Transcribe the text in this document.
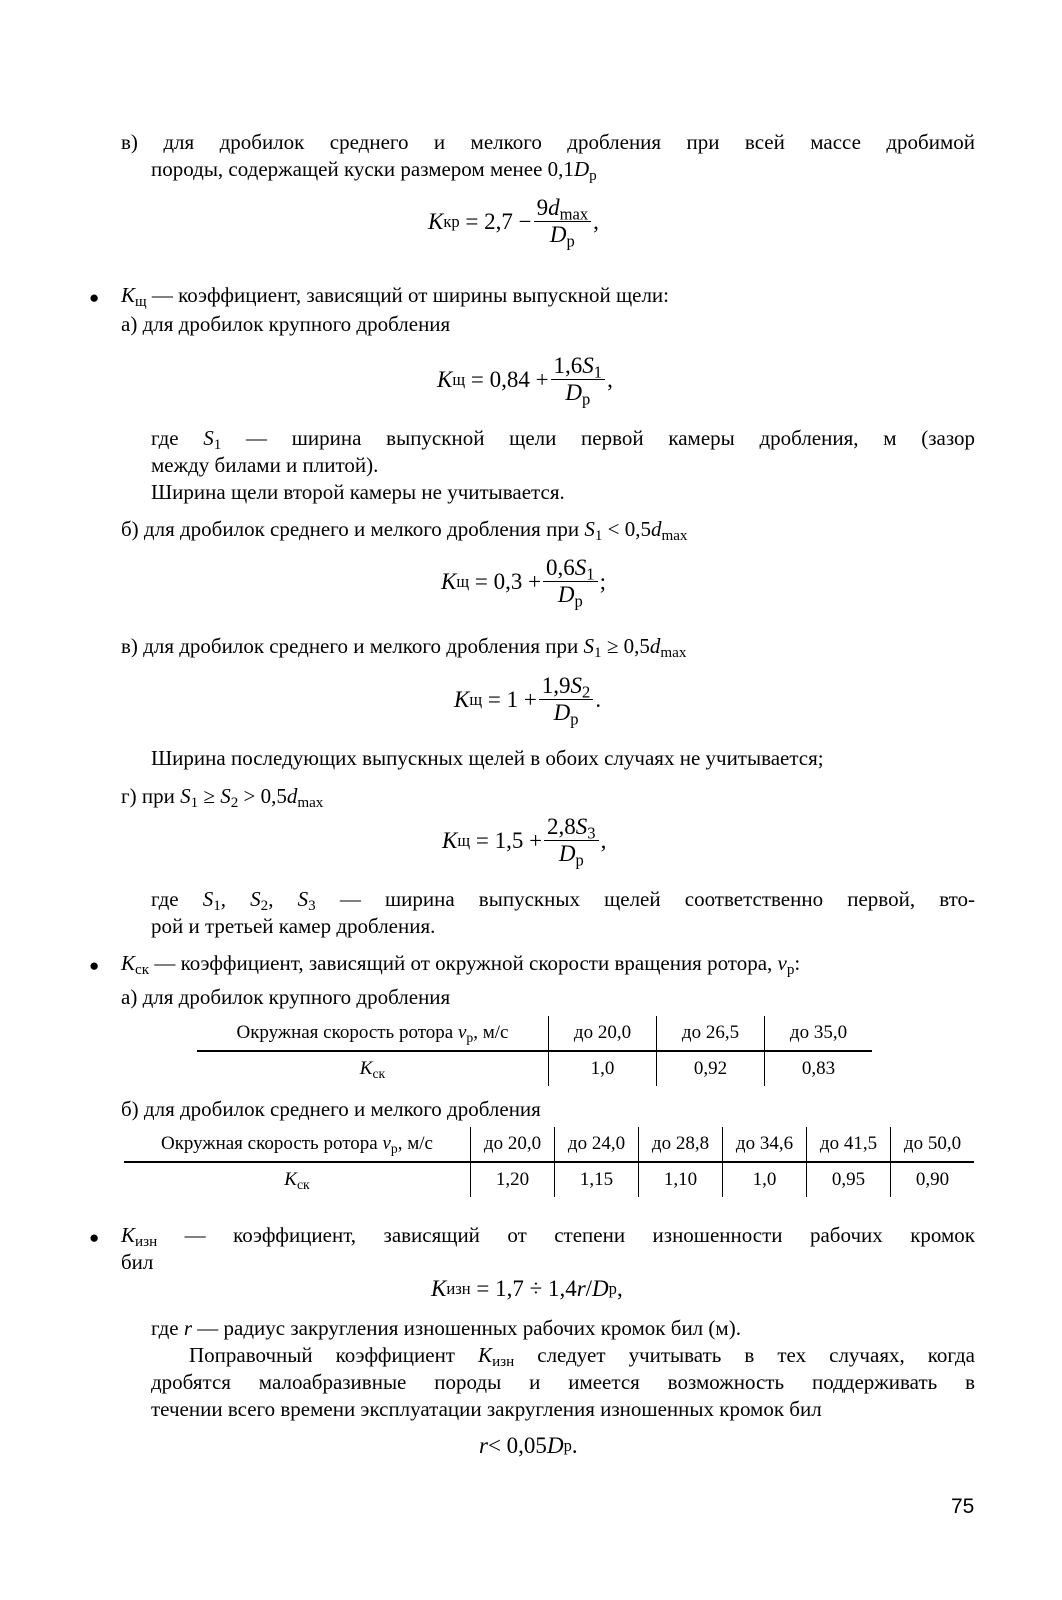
в) для дробилок среднего и мелкого дробления при всей массе дробимой
породы, содержащей куски размером менее $0,1D_р$
K кр
= $2,7 - \frac{9d_{max}}{D_р}$ ,
● $K_щ$ — коэффициент, зависящий от ширины выпускной щели:
а) для дробилок крупного дробления
K щ
= $0,84 + \frac{1,6S_1}{D_р}$ ,
где $S_1$ — ширина выпускной щели первой камеры дробления, м (зазор
между билами и плитой).
Ширина щели второй камеры не учитывается.
б) для дробилок среднего и мелкого дробления при $S_1 < 0,5d_{max}$
K щ
= $0,3 + \frac{0,6S_1}{D_р}$ ;
в) для дробилок среднего и мелкого дробления при $S_1 \ge 0,5d_{max}$
K щ
= $1 + \frac{1,9S_2}{D_р}$ .
Ширина последующих выпускных щелей в обоих случаях не учитывается;
г) при $S_1 \ge S_2 > 0,5d_{max}$
K щ
= $1,5 + \frac{2,8S_3}{D_р}$ ,
где $S_1$, $S_2$, $S_3$ — ширина выпускных щелей соответственно первой, вто-
рой и третьей камер дробления.
● $K_{ск}$ — коэффициент, зависящий от окружной скорости вращения ротора, $v_р$:
а) для дробилок крупного дробления
Окружная скорость ротора $v_р$, м/с	до 20,0	до 26,5	до 35,0
$K_{ск}$	1,0	0,92	0,83
б) для дробилок среднего и мелкого дробления
Окружная скорость ротора $v_р$, м/с	до 20,0	до 24,0	до 28,8	до 34,6	до 41,5	до 50,0
$K_{ск}$	1,20	1,15	1,10	1,0	0,95	0,90
● $K_{изн}$ — коэффициент, зависящий от степени изношенности рабочих кромок
бил
K изн
= 1,7 ÷ 1,4 r / D р ,
где r — радиус закругления изношенных рабочих кромок бил (м).
Поправочный коэффициент $K_{изн}$ следует учитывать в тех случаях, когда
дробятся малоабразивные породы и имеется возможность поддерживать в
течении всего времени эксплуатации закругления изношенных кромок бил
r < 0,05 D р .
75
